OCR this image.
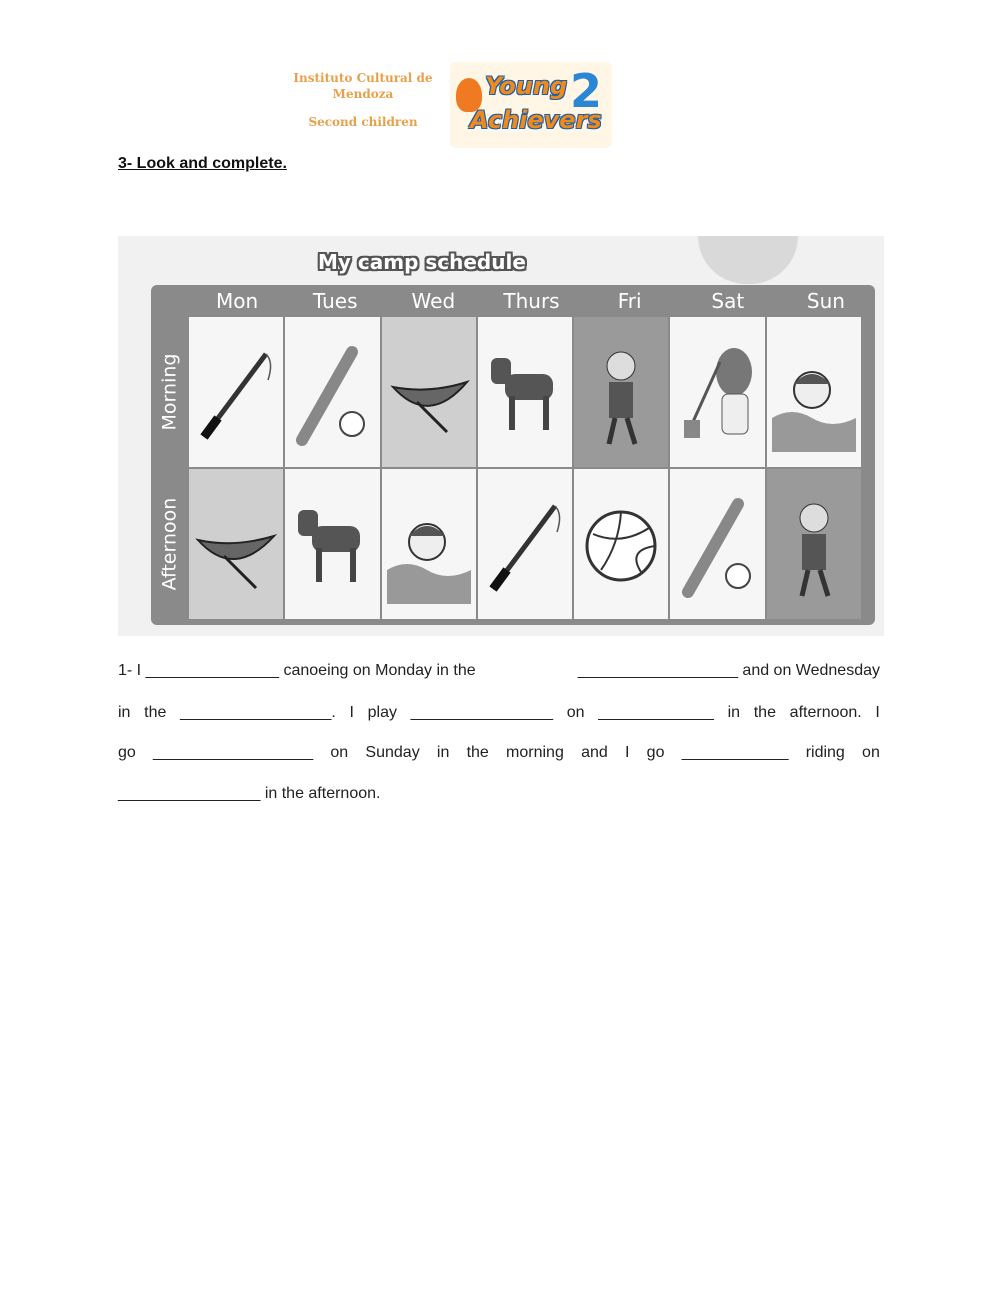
Instituto Cultural de
Mendoza
Second children
Young
Achievers
2
3- Look and complete.
My camp schedule
Mon	Tues	Wed	Thurs	Fri	Sat	Sun
Morning
Afternoon
1- I _______________ canoeing on Monday in the	__________________ and on Wednesday
in the _________________. I play ________________ on _____________ in the afternoon. I
go __________________ on Sunday in the morning and I go ____________ riding on
________________ in the afternoon.
